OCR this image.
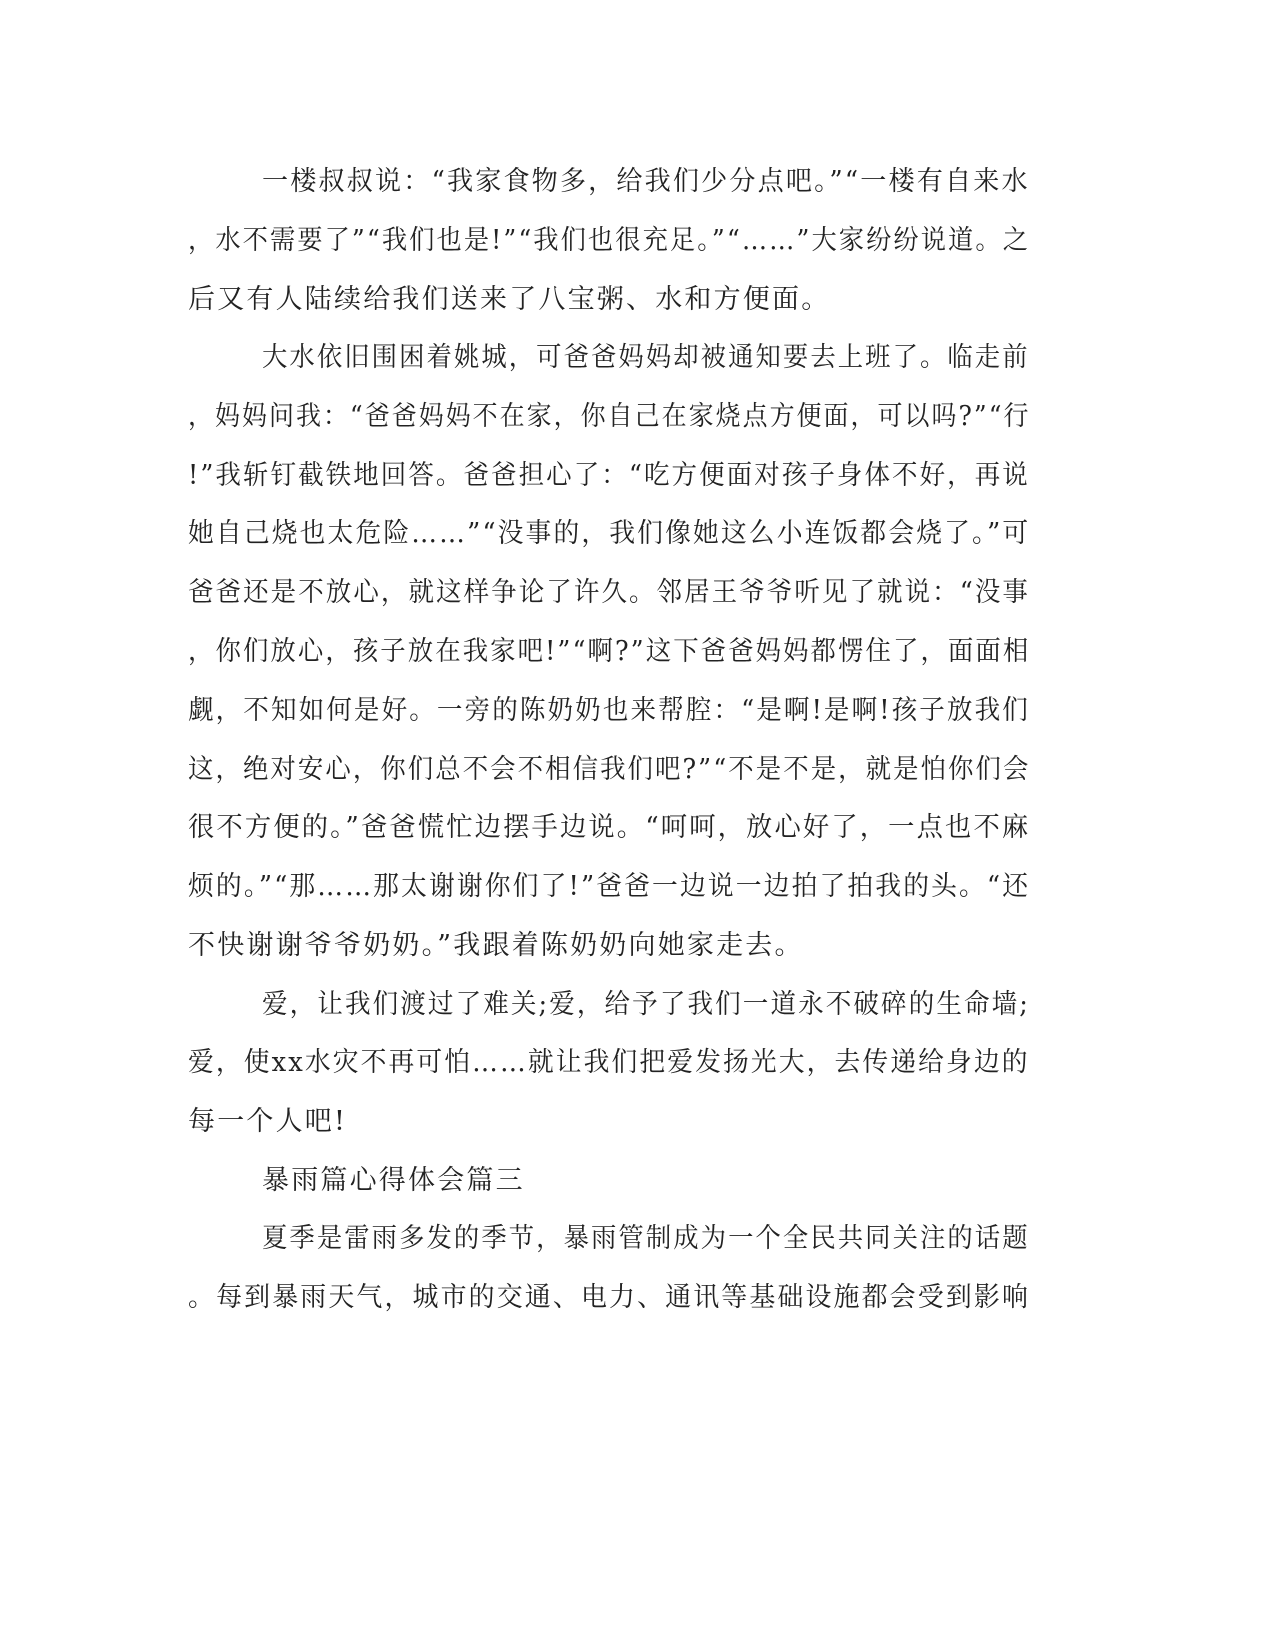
一楼叔叔说：“我家食物多，给我们少分点吧。”“一楼有自来水
，水不需要了”“我们也是!”“我们也很充足。”“……”大家纷纷说道。之
后又有人陆续给我们送来了八宝粥、水和方便面。
大水依旧围困着姚城，可爸爸妈妈却被通知要去上班了。临走前
，妈妈问我：“爸爸妈妈不在家，你自己在家烧点方便面，可以吗?”“行
!”我斩钉截铁地回答。爸爸担心了：“吃方便面对孩子身体不好，再说
她自己烧也太危险……”“没事的，我们像她这么小连饭都会烧了。”可
爸爸还是不放心，就这样争论了许久。邻居王爷爷听见了就说：“没事
，你们放心，孩子放在我家吧!”“啊?”这下爸爸妈妈都愣住了，面面相
觑，不知如何是好。一旁的陈奶奶也来帮腔：“是啊!是啊!孩子放我们
这，绝对安心，你们总不会不相信我们吧?”“不是不是，就是怕你们会
很不方便的。”爸爸慌忙边摆手边说。“呵呵，放心好了，一点也不麻
烦的。”“那……那太谢谢你们了!”爸爸一边说一边拍了拍我的头。“还
不快谢谢爷爷奶奶。”我跟着陈奶奶向她家走去。
爱，让我们渡过了难关;爱，给予了我们一道永不破碎的生命墙;
爱，使xx水灾不再可怕……就让我们把爱发扬光大，去传递给身边的
每一个人吧!
暴雨篇心得体会篇三
夏季是雷雨多发的季节，暴雨管制成为一个全民共同关注的话题
。每到暴雨天气，城市的交通、电力、通讯等基础设施都会受到影响
